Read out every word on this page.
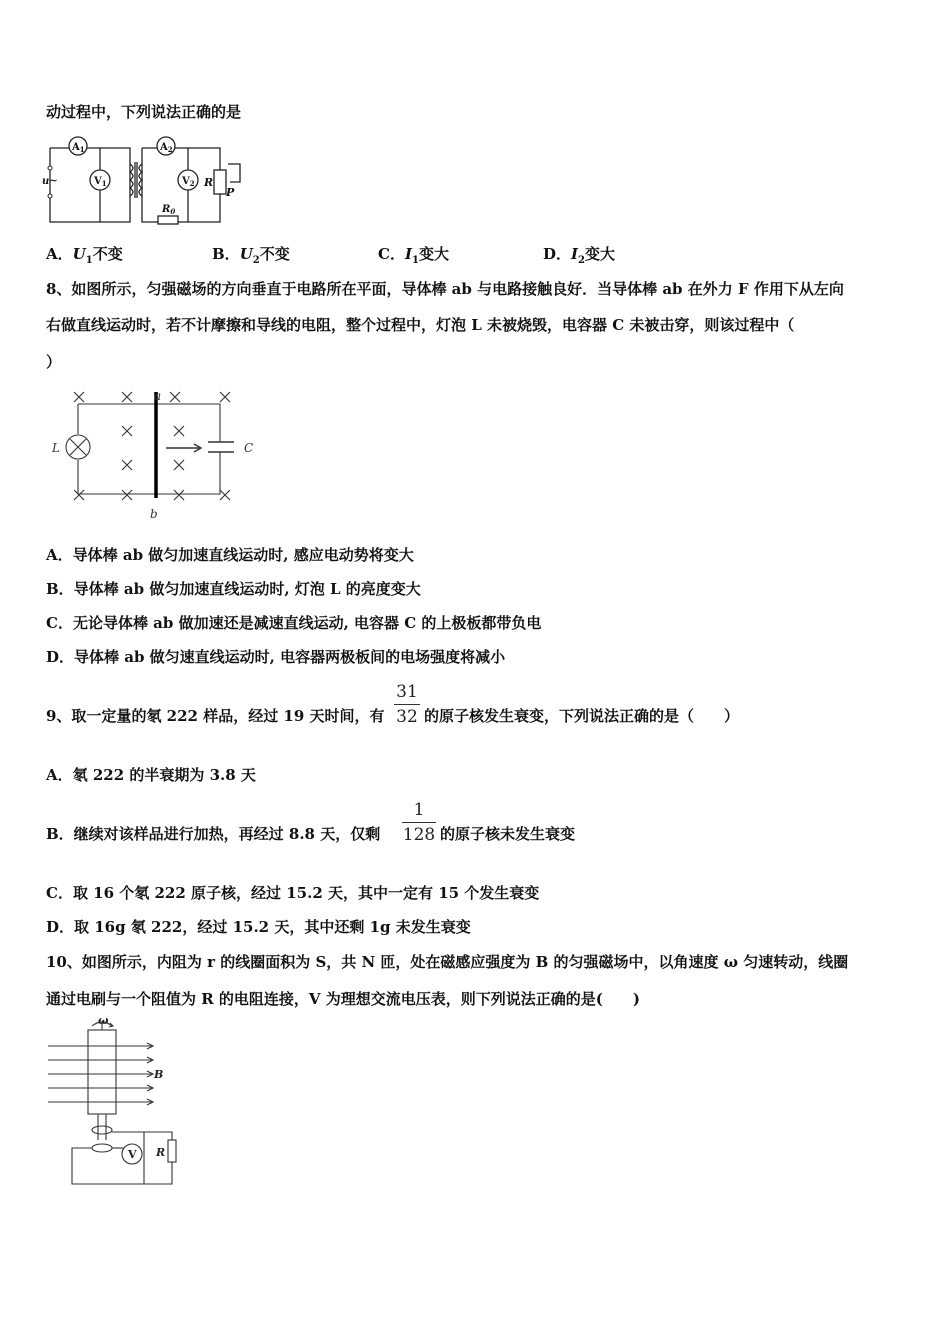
动过程中，下列说法正确的是
$A_1$	$A_2$
$V_1$	$V_2$
u~	R
$R_0$
P
A．$U_1$不变	B．$U_2$不变	C．$I_1$变大	D．$I_2$变大
8、如图所示，匀强磁场的方向垂直于电路所在平面，导体棒 ab 与电路接触良好．当导体棒 ab 在外力 F 作用下从左向
右做直线运动时，若不计摩擦和导线的电阻，整个过程中，灯泡 L 未被烧毁，电容器 C 未被击穿，则该过程中（
）
a
b
L	C
A．导体棒 ab 做匀加速直线运动时, 感应电动势将变大
B．导体棒 ab 做匀加速直线运动时, 灯泡 L 的亮度变大
C．无论导体棒 ab 做加速还是减速直线运动, 电容器 C 的上极板都带负电
D．导体棒 ab 做匀速直线运动时, 电容器两极板间的电场强度将减小
9、取一定量的氡 222 样品，经过 19 天时间，有
31
32 的原子核发生衰变，下列说法正确的是（　　）
A．氡 222 的半衰期为 3.8 天
B．继续对该样品进行加热，再经过 8.8 天，仅剩
1
128 的原子核未发生衰变
C．取 16 个氡 222 原子核，经过 15.2 天，其中一定有 15 个发生衰变
D．取 16g 氡 222，经过 15.2 天，其中还剩 1g 未发生衰变
10、如图所示，内阻为 r 的线圈面积为 S，共 N 匝，处在磁感应强度为 B 的匀强磁场中，以角速度 ω 匀速转动，线圈
通过电刷与一个阻值为 R 的电阻连接，V 为理想交流电压表，则下列说法正确的是(　　)
ω
B
V R
